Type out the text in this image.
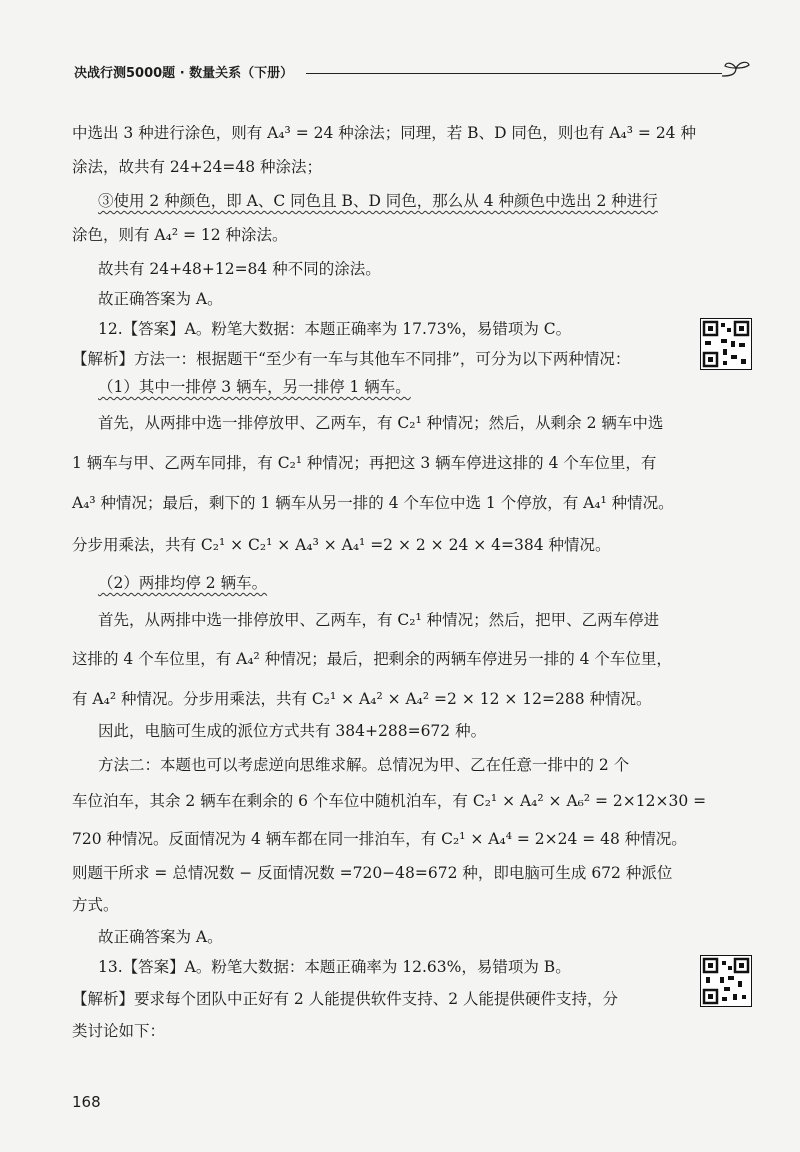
决战行测5000题 · 数量关系（下册）
中选出 3 种进行涂色，则有 A₄³ = 24 种涂法；同理，若 B、D 同色，则也有 A₄³ = 24 种
涂法，故共有 24+24=48 种涂法；
③使用 2 种颜色，即 A、C 同色且 B、D 同色，那么从 4 种颜色中选出 2 种进行
涂色，则有 A₄² = 12 种涂法。
故共有 24+48+12=84 种不同的涂法。
故正确答案为 A。
12.【答案】A。粉笔大数据：本题正确率为 17.73%，易错项为 C。
【解析】方法一：根据题干“至少有一车与其他车不同排”，可分为以下两种情况：
（1）其中一排停 3 辆车，另一排停 1 辆车。
首先，从两排中选一排停放甲、乙两车，有 C₂¹ 种情况；然后，从剩余 2 辆车中选
1 辆车与甲、乙两车同排，有 C₂¹ 种情况；再把这 3 辆车停进这排的 4 个车位里，有
A₄³ 种情况；最后，剩下的 1 辆车从另一排的 4 个车位中选 1 个停放，有 A₄¹ 种情况。
分步用乘法，共有 C₂¹ × C₂¹ × A₄³ × A₄¹ =2 × 2 × 24 × 4=384 种情况。
（2）两排均停 2 辆车。
首先，从两排中选一排停放甲、乙两车，有 C₂¹ 种情况；然后，把甲、乙两车停进
这排的 4 个车位里，有 A₄² 种情况；最后，把剩余的两辆车停进另一排的 4 个车位里，
有 A₄² 种情况。分步用乘法，共有 C₂¹ × A₄² × A₄² =2 × 12 × 12=288 种情况。
因此，电脑可生成的派位方式共有 384+288=672 种。
方法二：本题也可以考虑逆向思维求解。总情况为甲、乙在任意一排中的 2 个
车位泊车，其余 2 辆车在剩余的 6 个车位中随机泊车，有 C₂¹ × A₄² × A₆² = 2×12×30 =
720 种情况。反面情况为 4 辆车都在同一排泊车，有 C₂¹ × A₄⁴ = 2×24 = 48 种情况。
则题干所求 = 总情况数 − 反面情况数 =720−48=672 种，即电脑可生成 672 种派位
方式。
故正确答案为 A。
13.【答案】A。粉笔大数据：本题正确率为 12.63%，易错项为 B。
【解析】要求每个团队中正好有 2 人能提供软件支持、2 人能提供硬件支持，分
类讨论如下：
168
